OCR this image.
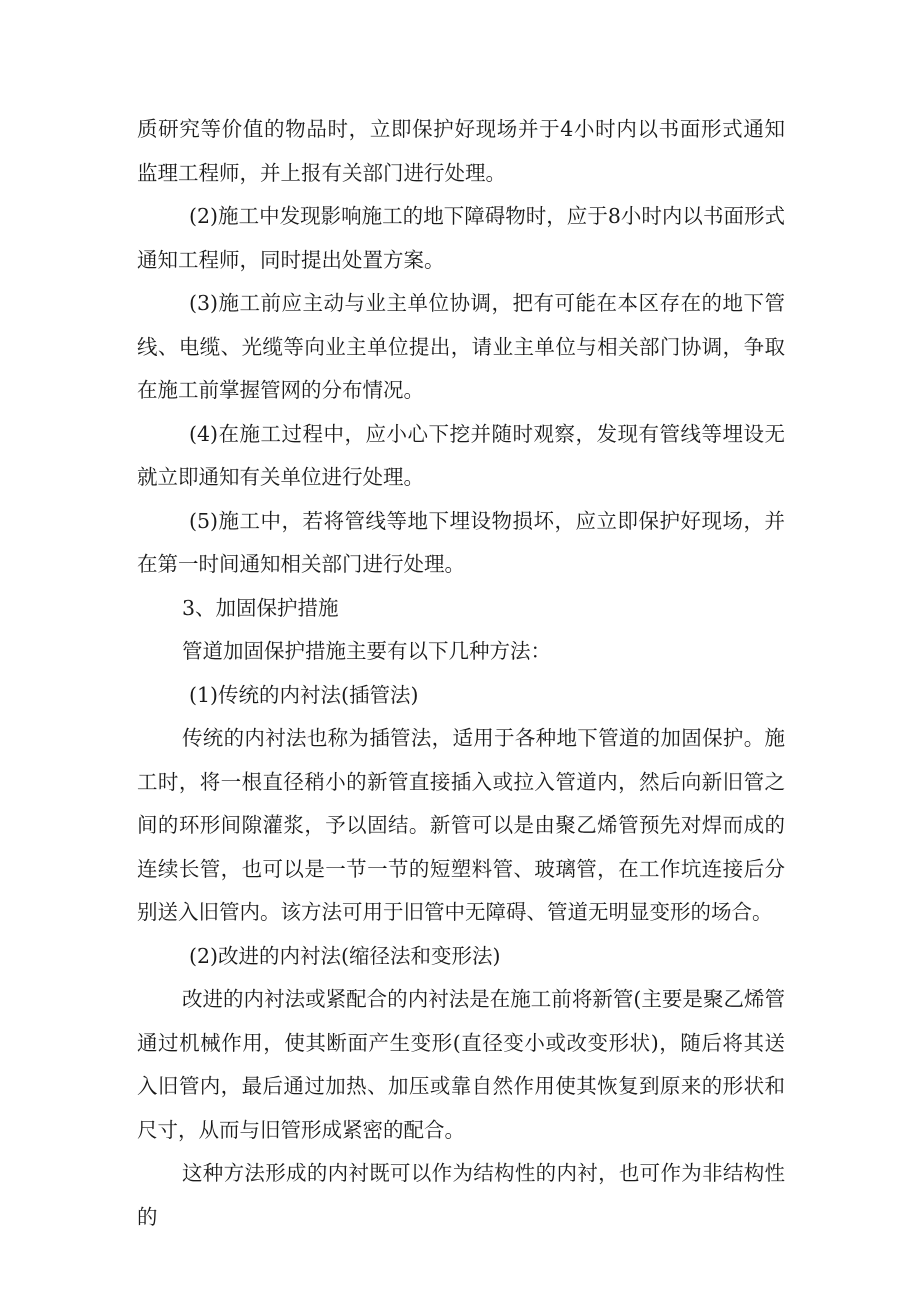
质研究等价值的物品时，立即保护好现场并于4小时内以书面形式通知监理工程师，并上报有关部门进行处理。

(2)施工中发现影响施工的地下障碍物时，应于8小时内以书面形式通知工程师，同时提出处置方案。

(3)施工前应主动与业主单位协调，把有可能在本区存在的地下管线、电缆、光缆等向业主单位提出，请业主单位与相关部门协调，争取在施工前掌握管网的分布情况。

(4)在施工过程中，应小心下挖并随时观察，发现有管线等埋设无就立即通知有关单位进行处理。

(5)施工中，若将管线等地下埋设物损坏，应立即保护好现场，并在第一时间通知相关部门进行处理。

3、加固保护措施

管道加固保护措施主要有以下几种方法：

(1)传统的内衬法(插管法)

传统的内衬法也称为插管法，适用于各种地下管道的加固保护。施工时，将一根直径稍小的新管直接插入或拉入管道内，然后向新旧管之间的环形间隙灌浆，予以固结。新管可以是由聚乙烯管预先对焊而成的连续长管，也可以是一节一节的短塑料管、玻璃管，在工作坑连接后分别送入旧管内。该方法可用于旧管中无障碍、管道无明显变形的场合。

(2)改进的内衬法(缩径法和变形法)

改进的内衬法或紧配合的内衬法是在施工前将新管(主要是聚乙烯管通过机械作用，使其断面产生变形(直径变小或改变形状)，随后将其送入旧管内，最后通过加热、加压或靠自然作用使其恢复到原来的形状和尺寸，从而与旧管形成紧密的配合。

这种方法形成的内衬既可以作为结构性的内衬，也可作为非结构性的
